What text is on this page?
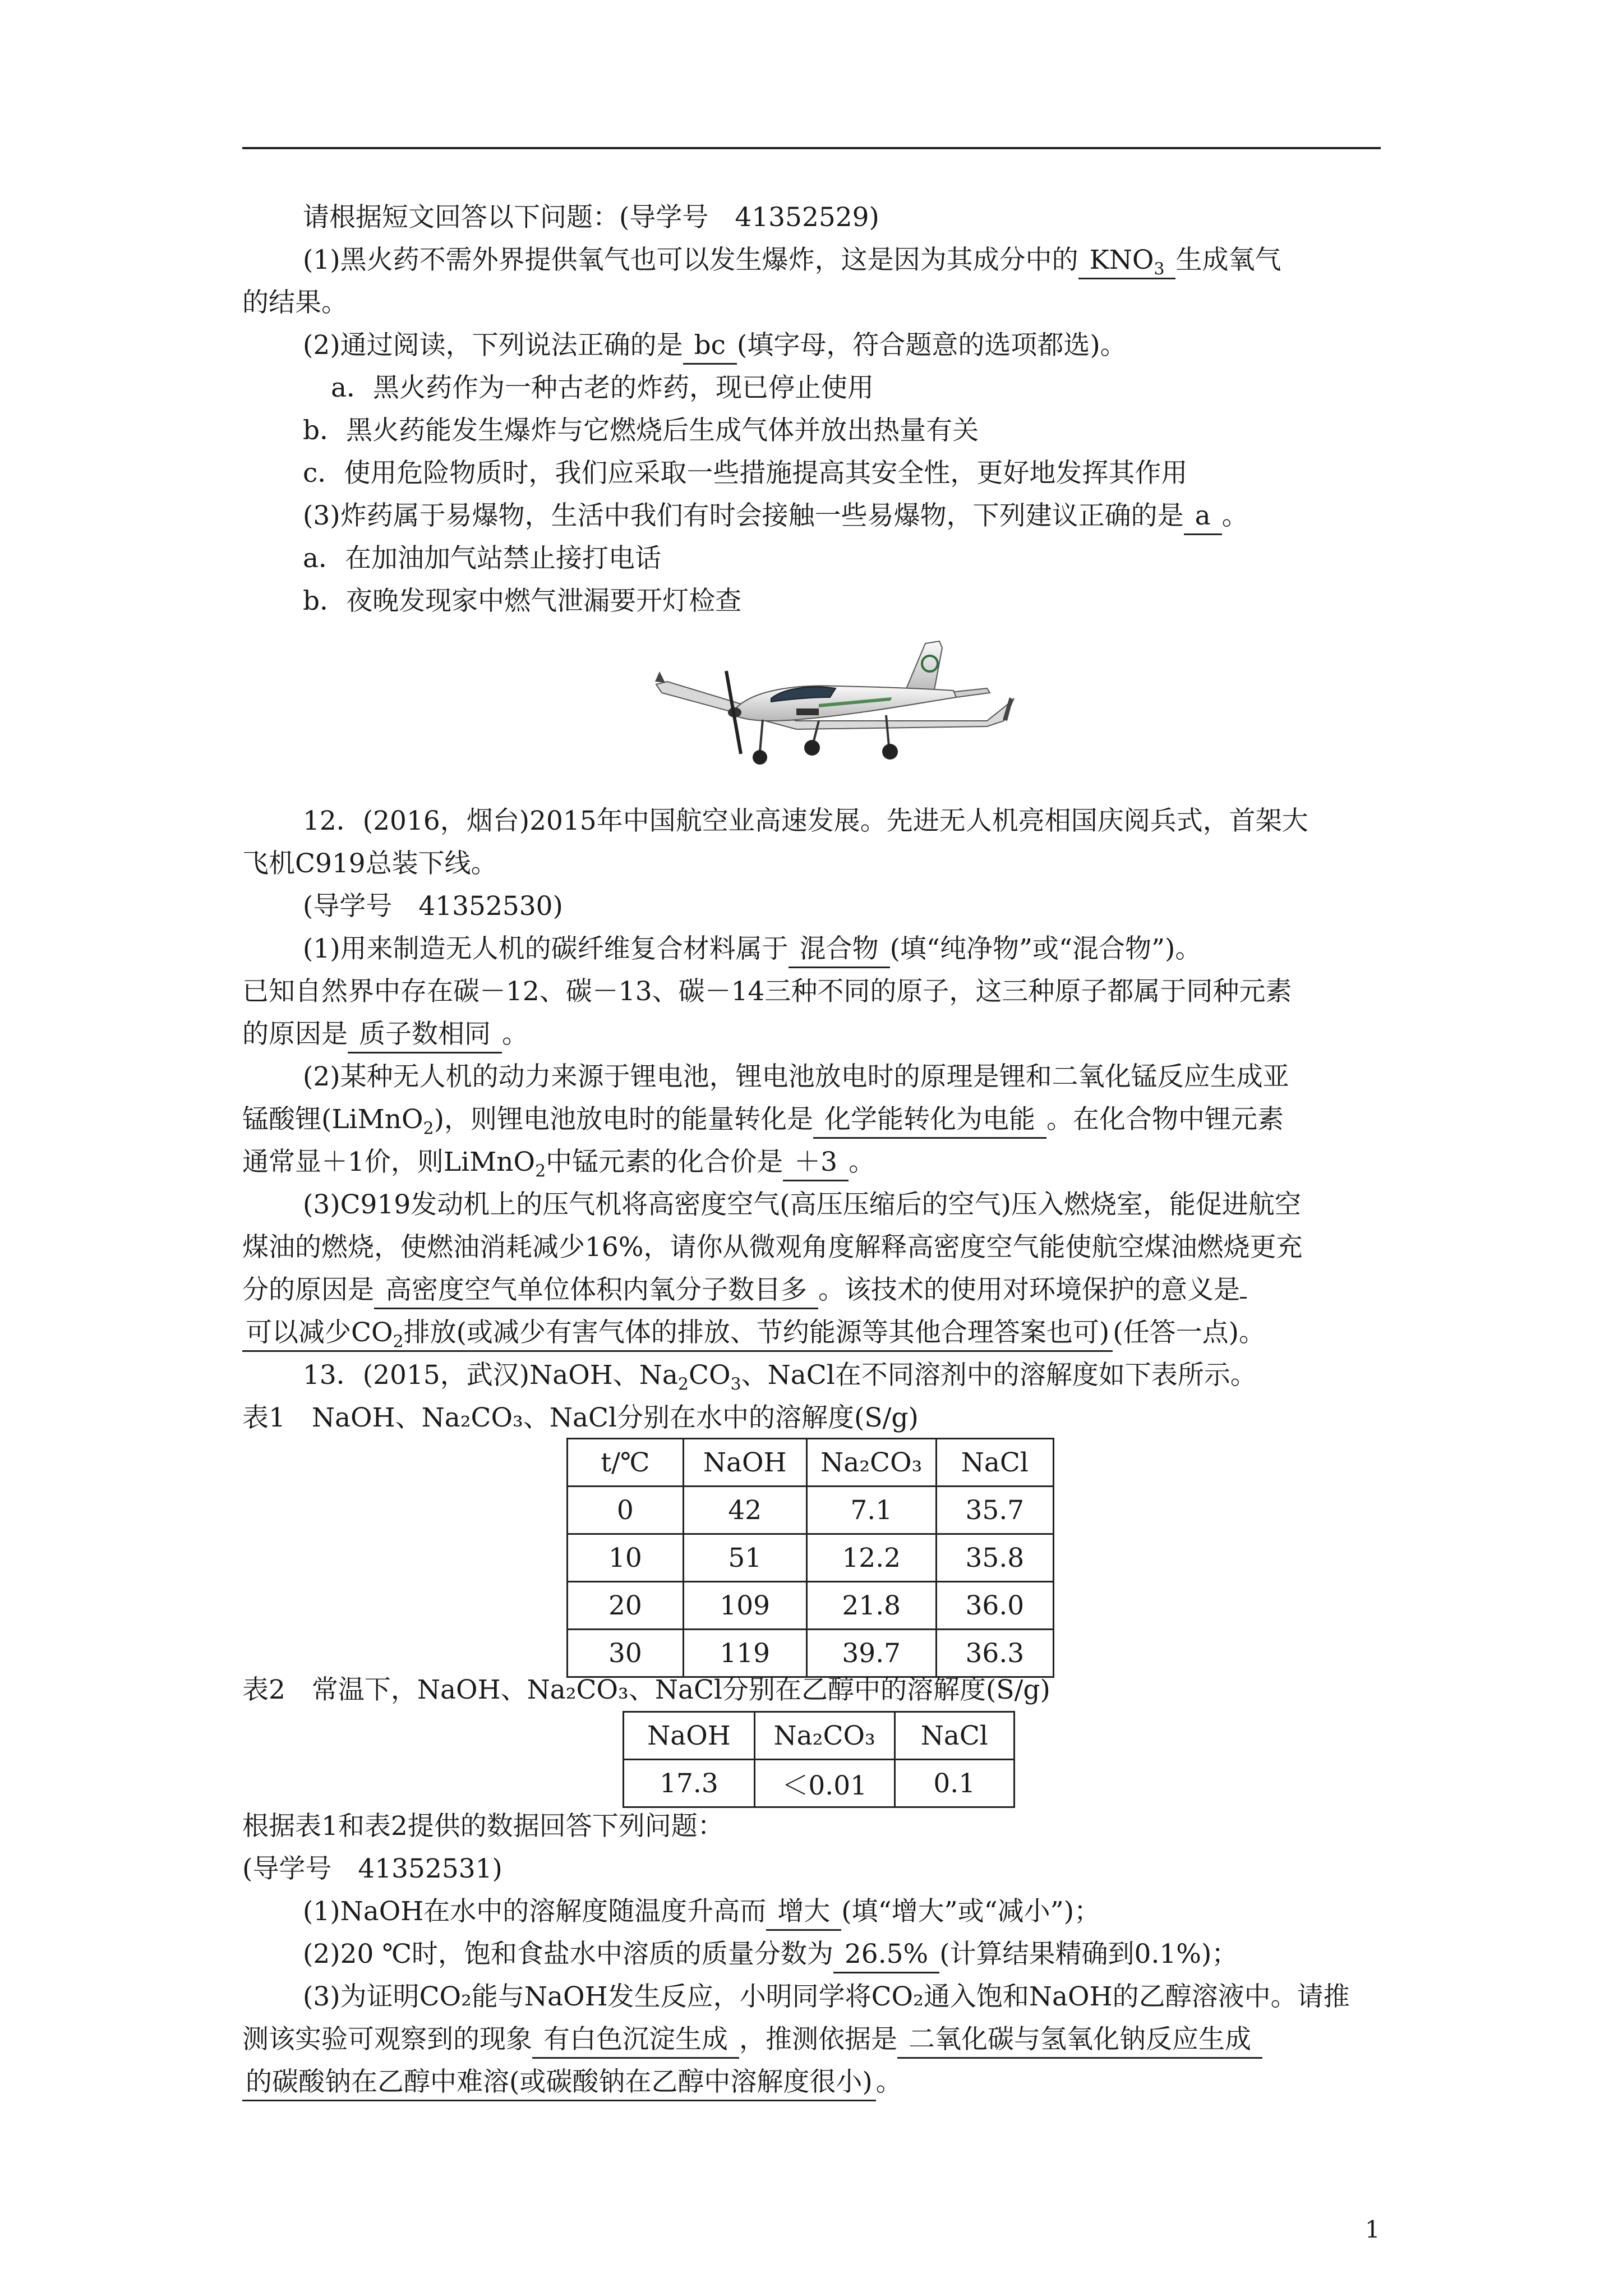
请根据短文回答以下问题：(导学号　41352529)
(1)黑火药不需外界提供氧气也可以发生爆炸，这是因为其成分中的 $KNO_3$ 生成氧气
的结果。
(2)通过阅读，下列说法正确的是 bc (填字母，符合题意的选项都选)。
a．黑火药作为一种古老的炸药，现已停止使用
b．黑火药能发生爆炸与它燃烧后生成气体并放出热量有关
c．使用危险物质时，我们应采取一些措施提高其安全性，更好地发挥其作用
(3)炸药属于易爆物，生活中我们有时会接触一些易爆物，下列建议正确的是 a 。
a．在加油加气站禁止接打电话
b．夜晚发现家中燃气泄漏要开灯检查
12．(2016，烟台)2015年中国航空业高速发展。先进无人机亮相国庆阅兵式，首架大
飞机C919总装下线。
(导学号　41352530)
(1)用来制造无人机的碳纤维复合材料属于 混合物 (填“纯净物”或“混合物”)。
已知自然界中存在碳－12、碳－13、碳－14三种不同的原子，这三种原子都属于同种元素
的原因是 质子数相同 。
(2)某种无人机的动力来源于锂电池，锂电池放电时的原理是锂和二氧化锰反应生成亚
锰酸锂(LiMnO$_2$)，则锂电池放电时的能量转化是 化学能转化为电能 。在化合物中锂元素
通常显＋1价，则LiMnO$_2$中锰元素的化合价是 ＋3 。
(3)C919发动机上的压气机将高密度空气(高压压缩后的空气)压入燃烧室，能促进航空
煤油的燃烧，使燃油消耗减少16%，请你从微观角度解释高密度空气能使航空煤油燃烧更充
分的原因是 高密度空气单位体积内氧分子数目多 。该技术的使用对环境保护的意义是
可以减少$CO_2$排放(或减少有害气体的排放、节约能源等其他合理答案也可) (任答一点)。
13．(2015，武汉)NaOH、$Na_2CO_3$、NaCl在不同溶剂中的溶解度如下表所示。
表1　NaOH、Na₂CO₃、NaCl分别在水中的溶解度(S/g)
t/℃	NaOH	Na₂CO₃	NaCl
0	42	7.1	35.7
10	51	12.2	35.8
20	109	21.8	36.0
30	119	39.7	36.3
表2　常温下，NaOH、Na₂CO₃、NaCl分别在乙醇中的溶解度(S/g)
NaOH	Na₂CO₃	NaCl
17.3	＜0.01	0.1
根据表1和表2提供的数据回答下列问题：
(导学号　41352531)
(1)NaOH在水中的溶解度随温度升高而 增大 (填“增大”或“减小”)；
(2)20 ℃时，饱和食盐水中溶质的质量分数为 26.5% (计算结果精确到0.1%)；
(3)为证明CO₂能与NaOH发生反应，小明同学将CO₂通入饱和NaOH的乙醇溶液中。请推
测该实验可观察到的现象 有白色沉淀生成 ，推测依据是 二氧化碳与氢氧化钠反应生成
的碳酸钠在乙醇中难溶(或碳酸钠在乙醇中溶解度很小) 。
1
